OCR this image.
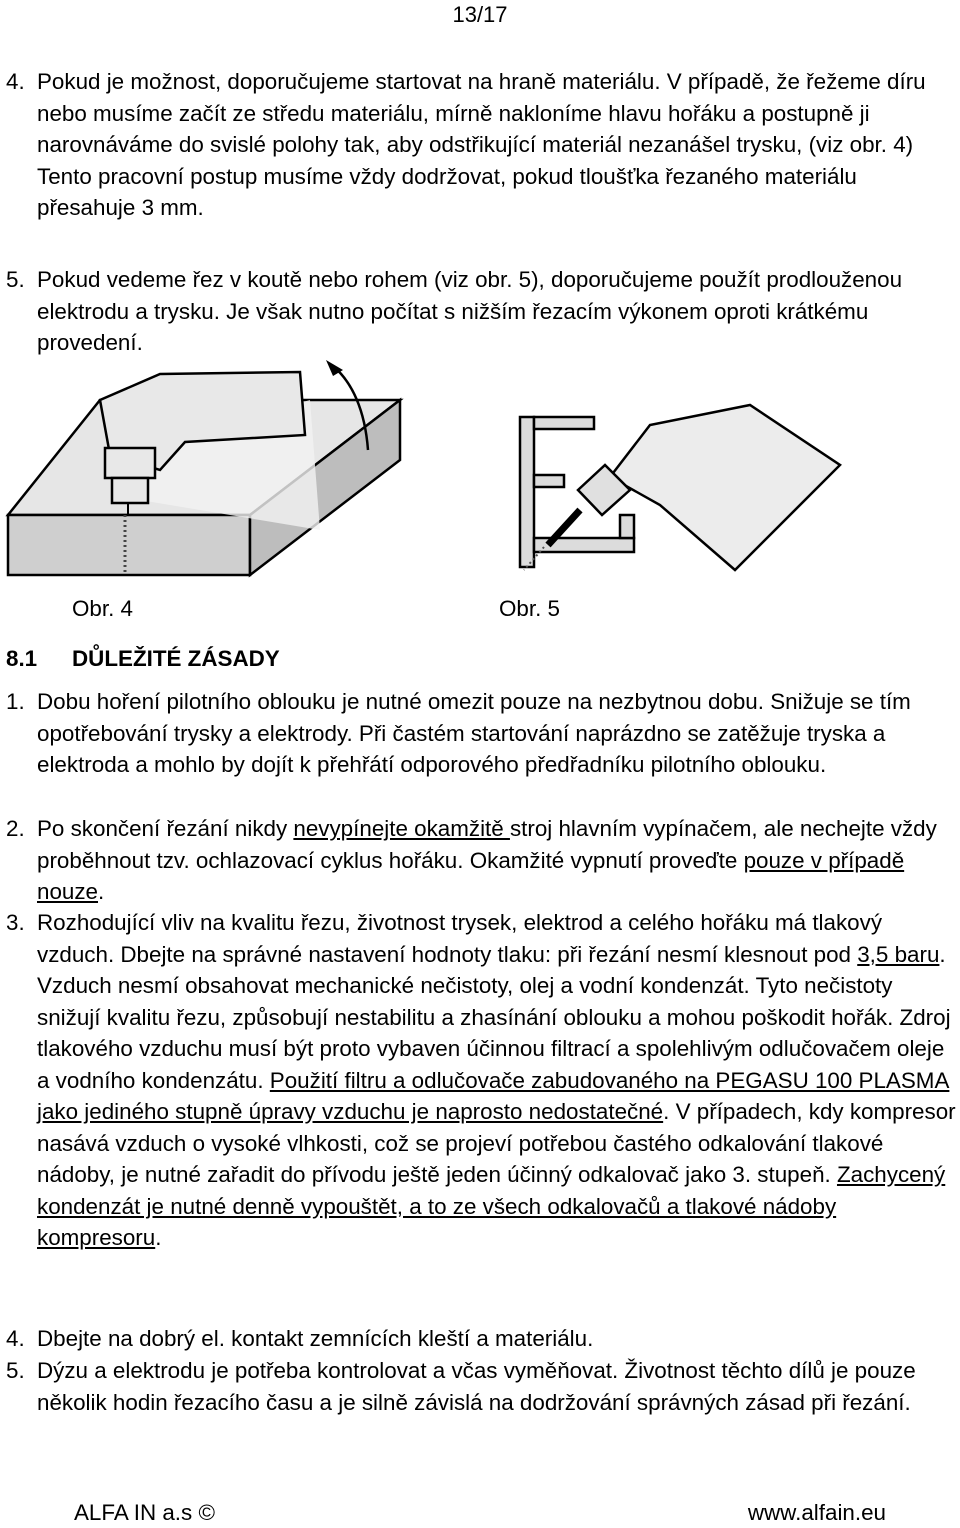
13/17
4. Pokud je možnost, doporučujeme startovat na hraně materiálu. V případě, že řežeme díru nebo musíme začít ze středu materiálu, mírně nakloníme hlavu hořáku a postupně ji narovnáváme do svislé polohy tak, aby odstřikující materiál nezanášel trysku, (viz obr. 4) Tento pracovní postup musíme vždy dodržovat, pokud tloušťka řezaného materiálu přesahuje 3 mm.
5. Pokud vedeme řez v koutě nebo rohem (viz obr. 5), doporučujeme použít prodlouženou elektrodu a trysku. Je však nutno počítat s nižším řezacím výkonem oproti krátkému provedení.
Obr. 4	Obr. 5
8.1 DŮLEŽITÉ ZÁSADY
1. Dobu hoření pilotního oblouku je nutné omezit pouze na nezbytnou dobu. Snižuje se tím opotřebování trysky a elektrody. Při častém startování naprázdno se zatěžuje tryska a elektroda a mohlo by dojít k přehřátí odporového předřadníku pilotního oblouku.
2. Po skončení řezání nikdy nevypínejte okamžitě stroj hlavním vypínačem, ale nechejte vždy proběhnout tzv. ochlazovací cyklus hořáku. Okamžité vypnutí proveďte pouze v případě nouze.
3. Rozhodující vliv na kvalitu řezu, životnost trysek, elektrod a celého hořáku má tlakový vzduch. Dbejte na správné nastavení hodnoty tlaku: při řezání nesmí klesnout pod 3,5 baru. Vzduch nesmí obsahovat mechanické nečistoty, olej a vodní kondenzát. Tyto nečistoty snižují kvalitu řezu, způsobují nestabilitu a zhasínání oblouku a mohou poškodit hořák. Zdroj tlakového vzduchu musí být proto vybaven účinnou filtrací a spolehlivým odlučovačem oleje a vodního kondenzátu. Použití filtru a odlučovače zabudovaného na PEGASU 100 PLASMA jako jediného stupně úpravy vzduchu je naprosto nedostatečné. V případech, kdy kompresor nasává vzduch o vysoké vlhkosti, což se projeví potřebou častého odkalování tlakové nádoby, je nutné zařadit do přívodu ještě jeden účinný odkalovač jako 3. stupeň. Zachycený kondenzát je nutné denně vypouštět, a to ze všech odkalovačů a tlakové nádoby kompresoru.
4. Dbejte na dobrý el. kontakt zemnících kleští a materiálu.
5. Dýzu a elektrodu je potřeba kontrolovat a včas vyměňovat. Životnost těchto dílů je pouze několik hodin řezacího času a je silně závislá na dodržování správných zásad při řezání.
ALFA IN a.s ©	www.alfain.eu
